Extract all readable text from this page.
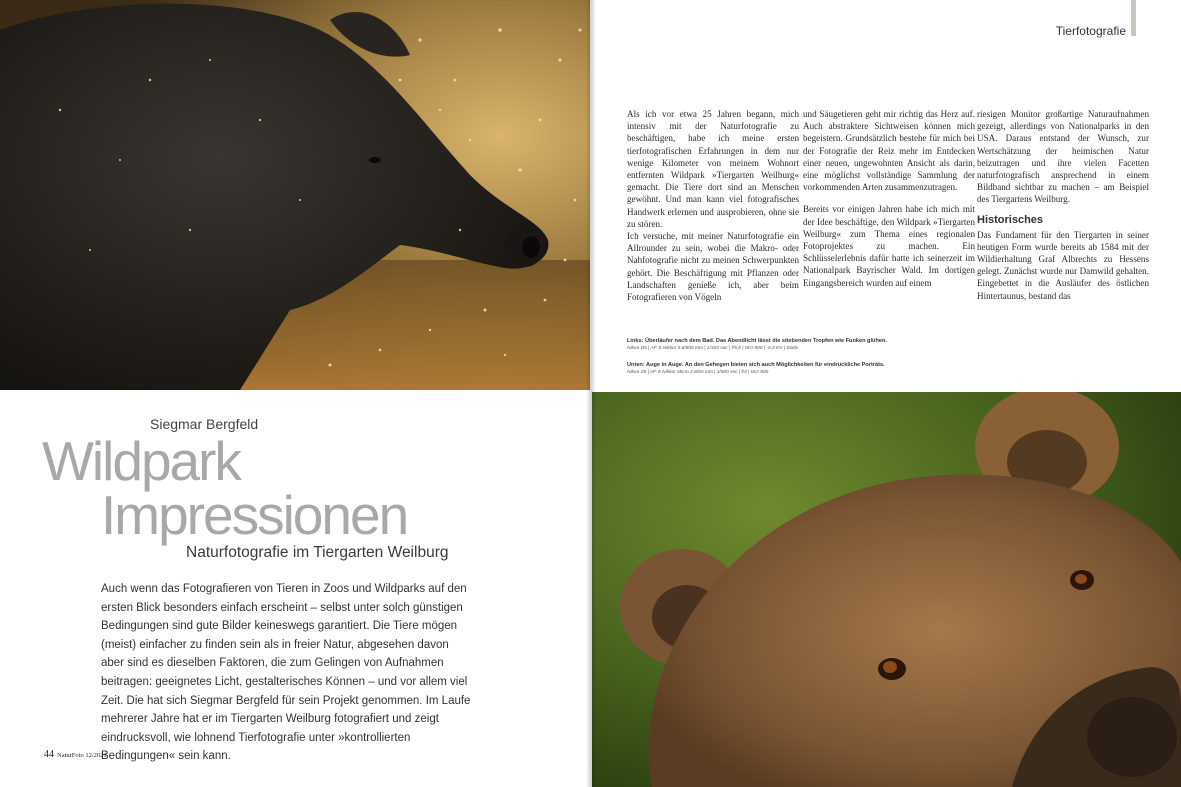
Tierfotografie

Als ich vor etwa 25 Jahren begann, mich intensiv mit der Naturfotografie zu beschäftigen, habe ich meine ersten tierfotografischen Erfahrungen in dem nur wenige Kilometer von meinem Wohnort entfernten Wildpark »Tiergarten Weilburg« gemacht. Die Tiere dort sind an Menschen gewöhnt. Und man kann viel fotografisches Handwerk erlernen und ausprobieren, ohne sie zu stören.

Ich versuche, mit meiner Naturfotografie ein Allrounder zu sein, wobei die Makro- oder Nahfotografie nicht zu meinen Schwerpunkten gehört. Die Beschäftigung mit Pflanzen oder Landschaften genieße ich, aber beim Fotografieren von Vögeln

und Säugetieren geht mir richtig das Herz auf. Auch abstraktere Sichtweisen können mich begeistern. Grundsätzlich bestehe für mich bei der Fotografie der Reiz mehr im Entdecken einer neuen, ungewohnten Ansicht als darin, eine möglichst vollständige Sammlung der vorkommenden Arten zusammenzutragen.

Bereits vor einigen Jahren habe ich mich mit der Idee beschäftige, den Wildpark »Tiergarten Weilburg« zum Thema eines regionalen Fotoprojektes zu machen. Ein Schlüsselerlebnis dafür hatte ich seinerzeit im Nationalpark Bayrischer Wald. Im dortigen Eingangsbereich wurden auf einem

riesigen Monitor großartige Naturaufnahmen gezeigt, allerdings von Nationalparks in den USA. Daraus entstand der Wunsch, zur Wertschätzung der heimischen Natur beizutragen und ihre vielen Facetten naturfotografisch ansprechend in einem Bildband sichtbar zu machen – am Beispiel des Tiergartens Weilburg.

Historisches

Das Fundament für den Tiergarten in seiner heutigen Form wurde bereits ab 1584 mit der Wildierhaltung Graf Albrechts zu Hessens gelegt. Zunächst wurde nur Damwild gehalten. Eingebettet in die Ausläufer des östlichen Hintertaunus, bestand das

Links: Überläufer nach dem Bad. Das Abendlicht lässt die stiebenden Tropfen wie Funken glühen.
Nikon D5 | AF-S Nikkor 5.6/800 mm | 1/320 sec | f/5,6 | ISO 800 | -0,3 EV | Stativ
Unten: Auge in Auge. An den Gehegen bieten sich auch Möglichkeiten für eindrückliche Porträts.
Nikon Z6 | AF-S Nikkor Micro 2,8/60 mm | 1/500 sec | f/4 | ISO 800
Siegmar Bergfeld
Wildpark
Impressionen
Naturfotografie im Tiergarten Weilburg
Auch wenn das Fotografieren von Tieren in Zoos und Wildparks auf den ersten Blick besonders einfach erscheint – selbst unter solch günstigen Bedingungen sind gute Bilder keineswegs garantiert. Die Tiere mögen (meist) einfacher zu finden sein als in freier Natur, abgesehen davon aber sind es dieselben Faktoren, die zum Gelingen von Aufnahmen beitragen: geeignetes Licht, gestalterisches Können – und vor allem viel Zeit. Die hat sich Siegmar Bergfeld für sein Projekt genommen. Im Laufe mehrerer Jahre hat er im Tiergarten Weilburg fotografiert und zeigt eindrucksvoll, wie lohnend Tierfotografie unter »kontrollierten Bedingungen« sein kann.
44 NaturFoto 12/2021
